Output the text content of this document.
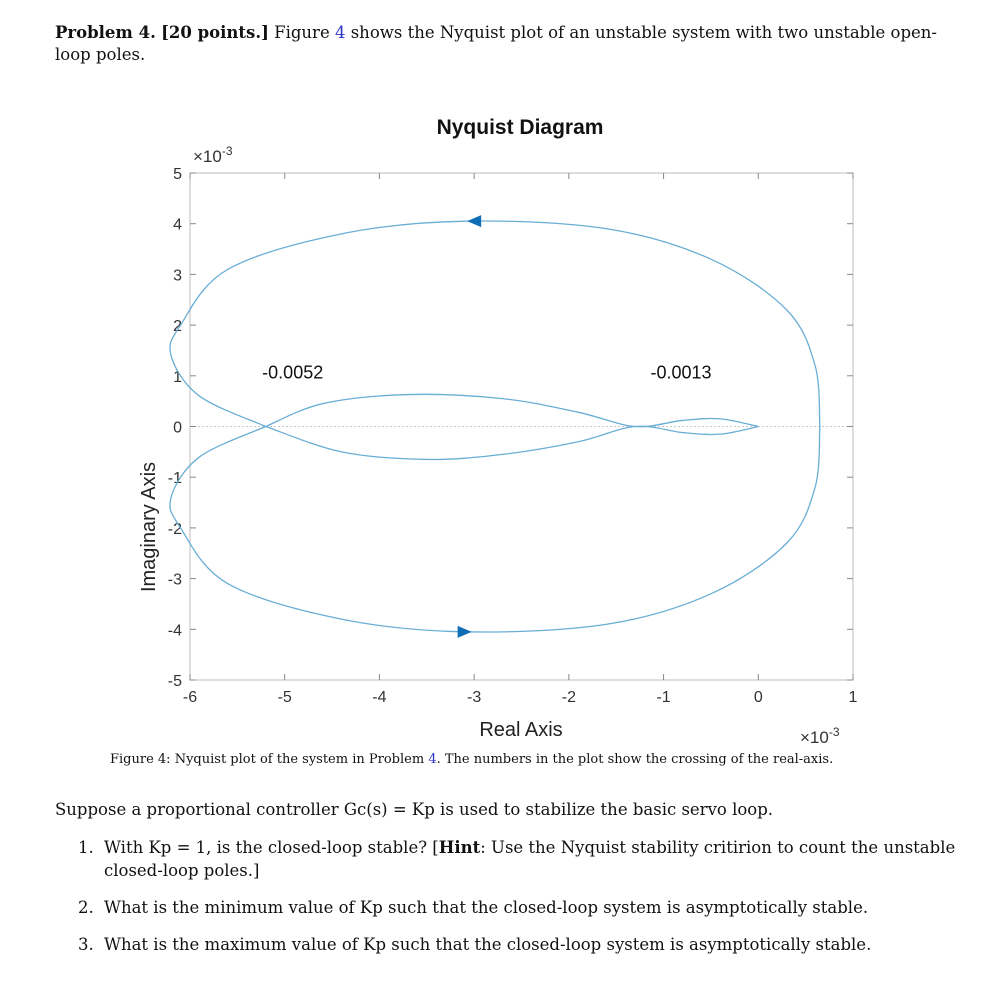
Problem 4. [20 points.] Figure 4 shows the Nyquist plot of an unstable system with two unstable open-
loop poles.
Nyquist Diagram
-6	-5	-4	-3	-2	-1	0	1
5
4
3
2
1
0
-1
-2
-3
-4
-5
-0.0052	-0.0013
Real Axis
Imaginary Axis
$\times 10^{-3}$
$\times 10^{-3}$
Figure 4: Nyquist plot of the system in Problem 4. The numbers in the plot show the crossing of the real-axis.
Suppose a proportional controller Gc(s) = Kp is used to stabilize the basic servo loop.
1. With Kp = 1, is the closed-loop stable? [Hint: Use the Nyquist stability critirion to count the unstable
closed-loop poles.]
2. What is the minimum value of Kp such that the closed-loop system is asymptotically stable.
3. What is the maximum value of Kp such that the closed-loop system is asymptotically stable.
